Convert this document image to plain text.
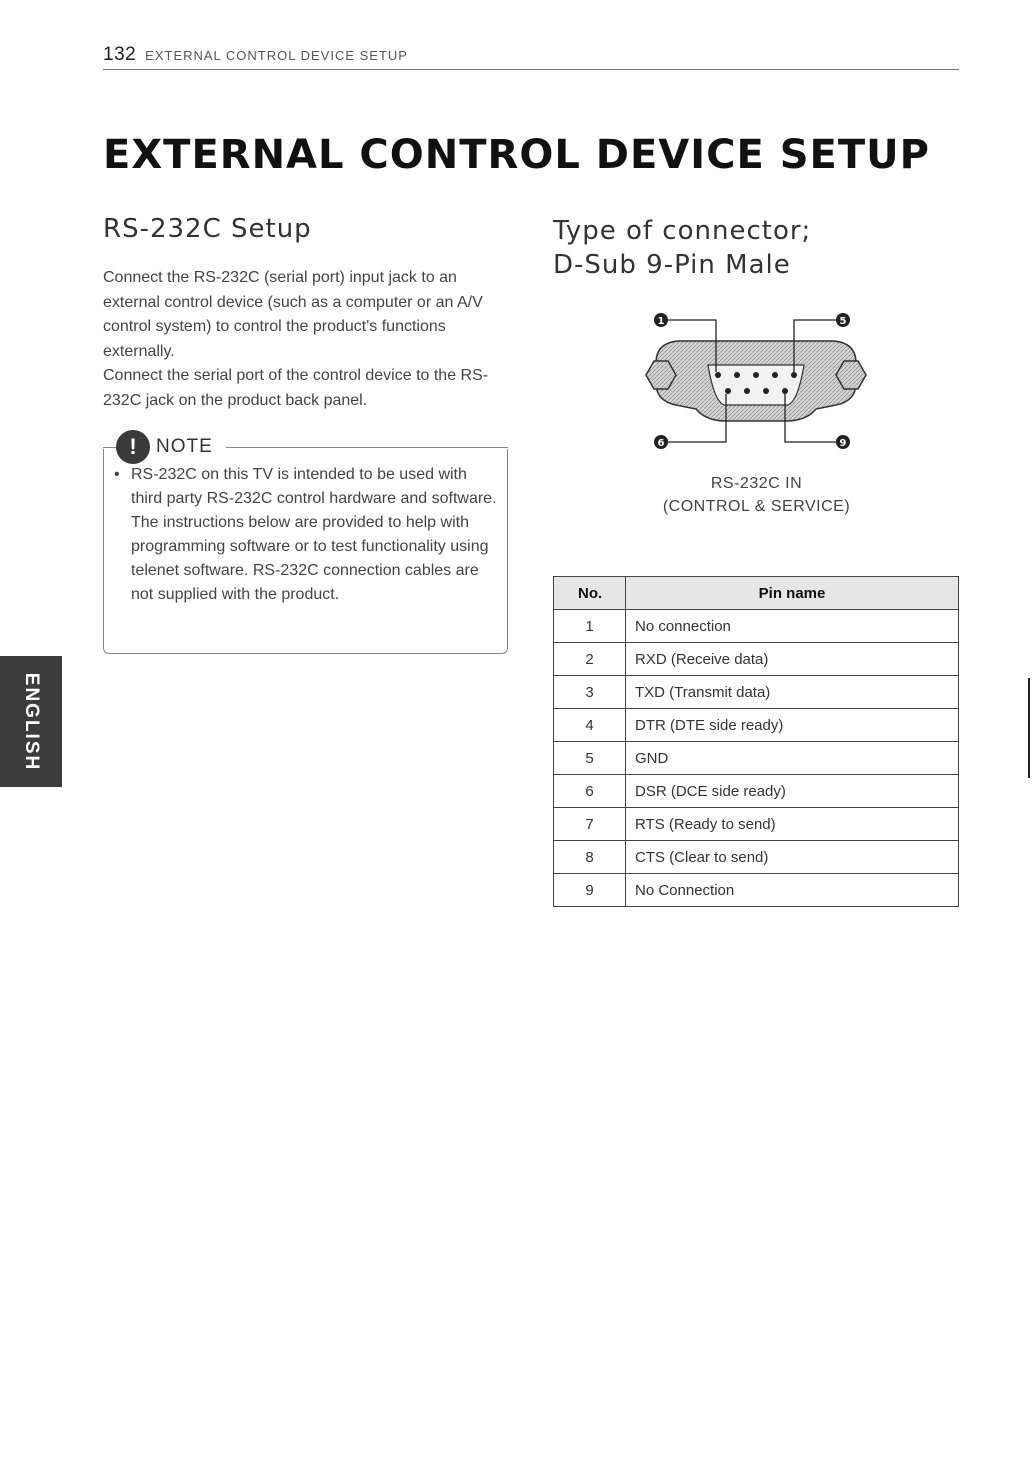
132 EXTERNAL CONTROL DEVICE SETUP
EXTERNAL CONTROL DEVICE SETUP
RS-232C Setup

Connect the RS-232C (serial port) input jack to an external control device (such as a computer or an A/V control system) to control the product's functions externally.

Connect the serial port of the control device to the RS-232C jack on the product back panel.

!	NOTE
• RS-232C on this TV is intended to be used with third party RS-232C control hardware and software. The instructions below are provided to help with programming software or to test functionality using telenet software. RS-232C connection cables are not supplied with the product.
Type of connector;
D-Sub 9-Pin Male
1	5
6	9
RS-232C IN
(CONTROL & SERVICE)
No.	Pin name
1	No connection
2	RXD (Receive data)
3	TXD (Transmit data)
4	DTR (DTE side ready)
5	GND
6	DSR (DCE side ready)
7	RTS (Ready to send)
8	CTS (Clear to send)
9	No Connection
ENGLISH
